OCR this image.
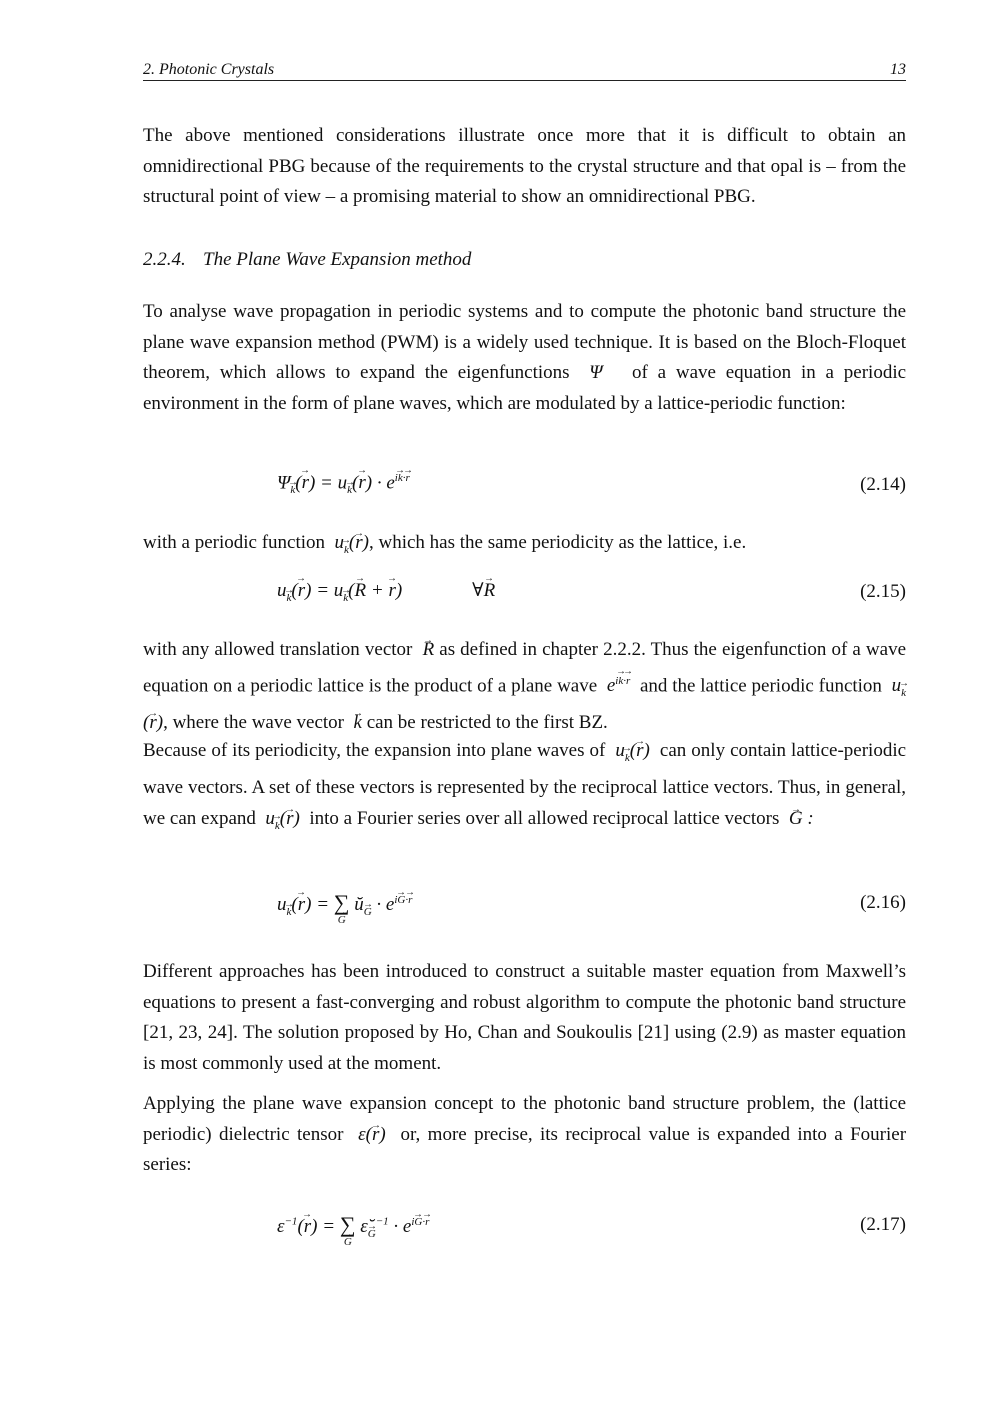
2. Photonic Crystals	13

The above mentioned considerations illustrate once more that it is difficult to obtain an omnidirectional PBG because of the requirements to the crystal structure and that opal is – from the structural point of view – a promising material to show an omnidirectional PBG.

2.2.4. The Plane Wave Expansion method

To analyse wave propagation in periodic systems and to compute the photonic band structure the plane wave expansion method (PWM) is a widely used technique. It is based on the Bloch-Floquet theorem, which allows to expand the eigenfunctions  Ψ   of a wave equation in a periodic environment in the form of plane waves, which are modulated by a lattice-periodic function:

$\Psi_k \to(r$ →) = $u_k \to(r$ →) · $e^{ik \to\cdot r}$ →	(2.14)

with a periodic function  $u_k \to(r$ →), which has the same periodicity as the lattice, i.e.

$u_k \to(r$ →) = $u_k \to(R$ → + r →)	∀R →	(2.15)

with any allowed translation vector R → as defined in chapter 2.2.2. Thus the eigenfunction of a wave equation on a periodic lattice is the product of a plane wave  $e^{ik \to\cdot r}$ → and the lattice periodic function  $u_k \to(r$ →), where the wave vector k → can be restricted to the first BZ.

Because of its periodicity, the expansion into plane waves of  $u_k \to(r$ →)  can only contain lattice-periodic wave vectors. A set of these vectors is represented by the reciprocal lattice vectors. Thus, in general, we can expand  $u_k \to(r$ →)  into a Fourier series over all allowed reciprocal lattice vectors G → :

$u_k \to(r$ →) = ∑
G →
$ŭ_G$ → · $e^{iG \to\cdot r}$ →	(2.16)

Different approaches has been introduced to construct a suitable master equation from Maxwell’s equations to present a fast-converging and robust algorithm to compute the photonic band structure [21, 23, 24]. The solution proposed by Ho, Chan and Soukoulis [21] using (2.9) as master equation is most commonly used at the moment.

Applying the plane wave expansion concept to the photonic band structure problem, the (lattice periodic) dielectric tensor  ε(r →)  or, more precise, its reciprocal value is expanded into a Fourier series:

$\varepsilon^{-1}(r$ →) = ∑
G →
$\varepsilon̆_G \to^{-1} \cdot e^{iG \to\cdot r}$ →	(2.17)
